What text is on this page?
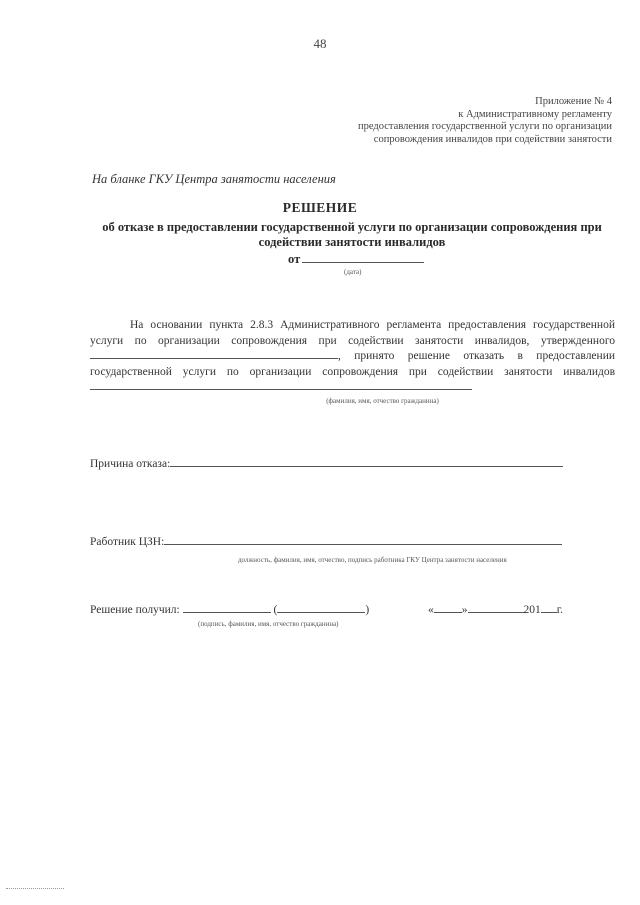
48
Приложение № 4
к Административному регламенту
предоставления государственной услуги по организации
сопровождения инвалидов при содействии занятости
На бланке ГКУ Центра занятости населения
РЕШЕНИЕ
об отказе в предоставлении государственной услуги по организации сопровождения при содействии занятости инвалидов
от
(дата)
На основании пункта 2.8.3 Административного регламента предоставления государственной услуги по организации сопровождения при содействии занятости инвалидов, утвержденного , принято решение отказать в предоставлении государственной услуги по организации сопровождения при содействии занятости инвалидов
(фамилия, имя, отчество гражданина)
Причина отказа:
Работник ЦЗН:
должность, фамилия, имя, отчество, подпись работника ГКУ Центра занятости населения
Решение получил:	(	)
(подпись, фамилия, имя, отчество гражданина)
« »	201 г.
